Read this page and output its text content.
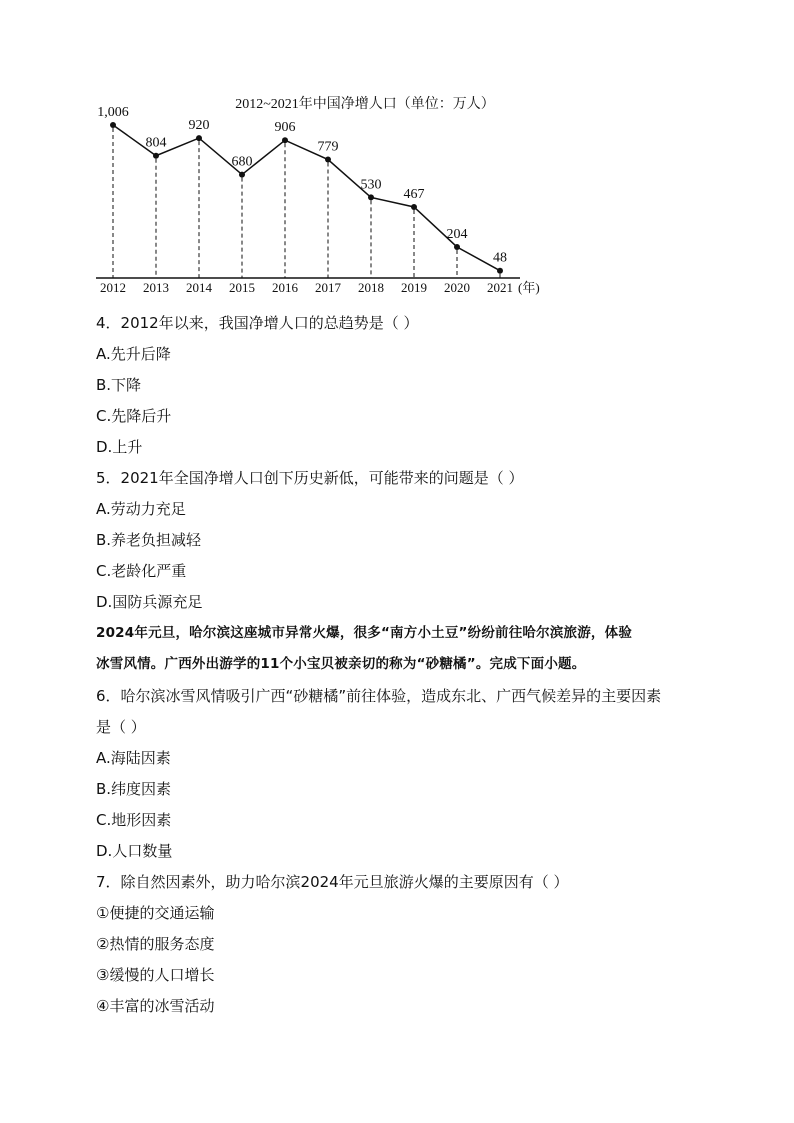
2012~2021年中国净增人口（单位：万人）
1,006
804
920
680
906
779
530
467
204
48
2012 2013 2014 2015 2016 2017 2018 2019 2020 2021 (年)
4．2012年以来，我国净增人口的总趋势是（ ）
A.先升后降
B.下降
C.先降后升
D.上升
5．2021年全国净增人口创下历史新低，可能带来的问题是（ ）
A.劳动力充足
B.养老负担减轻
C.老龄化严重
D.国防兵源充足
2024年元旦，哈尔滨这座城市异常火爆，很多“南方小土豆”纷纷前往哈尔滨旅游，体验
冰雪风情。广西外出游学的11个小宝贝被亲切的称为“砂糖橘”。完成下面小题。
6．哈尔滨冰雪风情吸引广西“砂糖橘”前往体验，造成东北、广西气候差异的主要因素
是（ ）
A.海陆因素
B.纬度因素
C.地形因素
D.人口数量
7．除自然因素外，助力哈尔滨2024年元旦旅游火爆的主要原因有（ ）
①便捷的交通运输
②热情的服务态度
③缓慢的人口增长
④丰富的冰雪活动
